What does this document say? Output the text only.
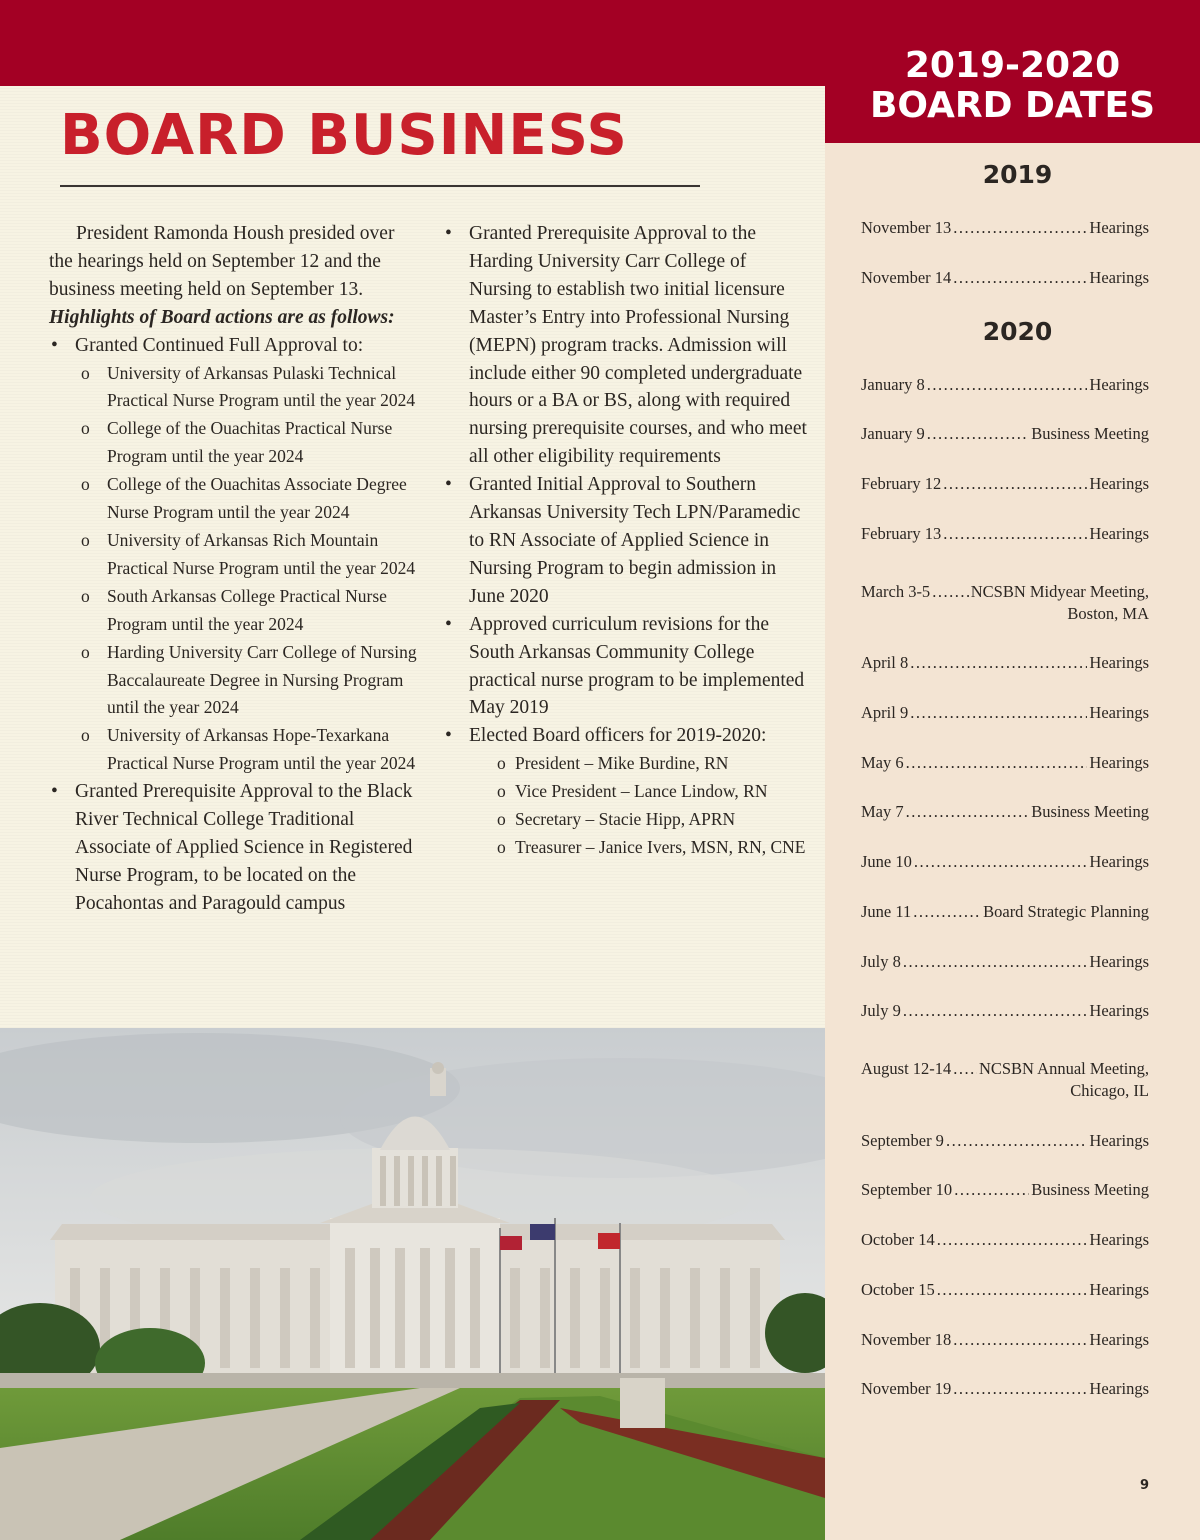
BOARD BUSINESS

President Ramonda Housh presided over the hearings held on September 12 and the business meeting held on September 13. Highlights of Board actions are as follows:

• Granted Continued Full Approval to:

o University of Arkansas Pulaski Technical Practical Nurse Program until the year 2024

o College of the Ouachitas Practical Nurse Program until the year 2024

o College of the Ouachitas Associate Degree Nurse Program until the year 2024

o University of Arkansas Rich Mountain Practical Nurse Program until the year 2024

o South Arkansas College Practical Nurse Program until the year 2024

o Harding University Carr College of Nursing Baccalaureate Degree in Nursing Program until the year 2024

o University of Arkansas Hope-Texarkana Practical Nurse Program until the year 2024

• Granted Prerequisite Approval to the Black River Technical College Traditional Associate of Applied Science in Registered Nurse Program, to be located on the Pocahontas and Paragould campus

• Granted Prerequisite Approval to the Harding University Carr College of Nursing to establish two initial licensure Master’s Entry into Professional Nursing (MEPN) program tracks. Admission will include either 90 completed undergraduate hours or a BA or BS, along with required nursing prerequisite courses, and who meet all other eligibility requirements

• Granted Initial Approval to Southern Arkansas University Tech LPN/Paramedic to RN Associate of Applied Science in Nursing Program to begin admission in June 2020

• Approved curriculum revisions for the South Arkansas Community College practical nurse program to be implemented May 2019

• Elected Board officers for 2019-2020:

o President – Mike Burdine, RN

o Vice President – Lance Lindow, RN

o Secretary – Stacie Hipp, APRN

o Treasurer – Janice Ivers, MSN, RN, CNE

2019-2020
BOARD DATES
2019
2020
November 13 .....	Hearings
November 14 .....	Hearings
January 8 .....	Hearings
January 9 .....	Business Meeting
February 12 .....	Hearings
February 13 .....	Hearings
March 3-5 ..... NCSBN Midyear Meeting,
Boston, MA
April 8 .....	Hearings
April 9 .....	Hearings
May 6 .....	Hearings
May 7 .....	Business Meeting
June 10 .....	Hearings
June 11 .....	Board Strategic Planning
July 8 .....	Hearings
July 9 .....	Hearings
August 12-14 ..... NCSBN Annual Meeting,
Chicago, IL
September 9 .....	Hearings
September 10 .....	Business Meeting
October 14 .....	Hearings
October 15 .....	Hearings
November 18 .....	Hearings
November 19 .....	Hearings
9
